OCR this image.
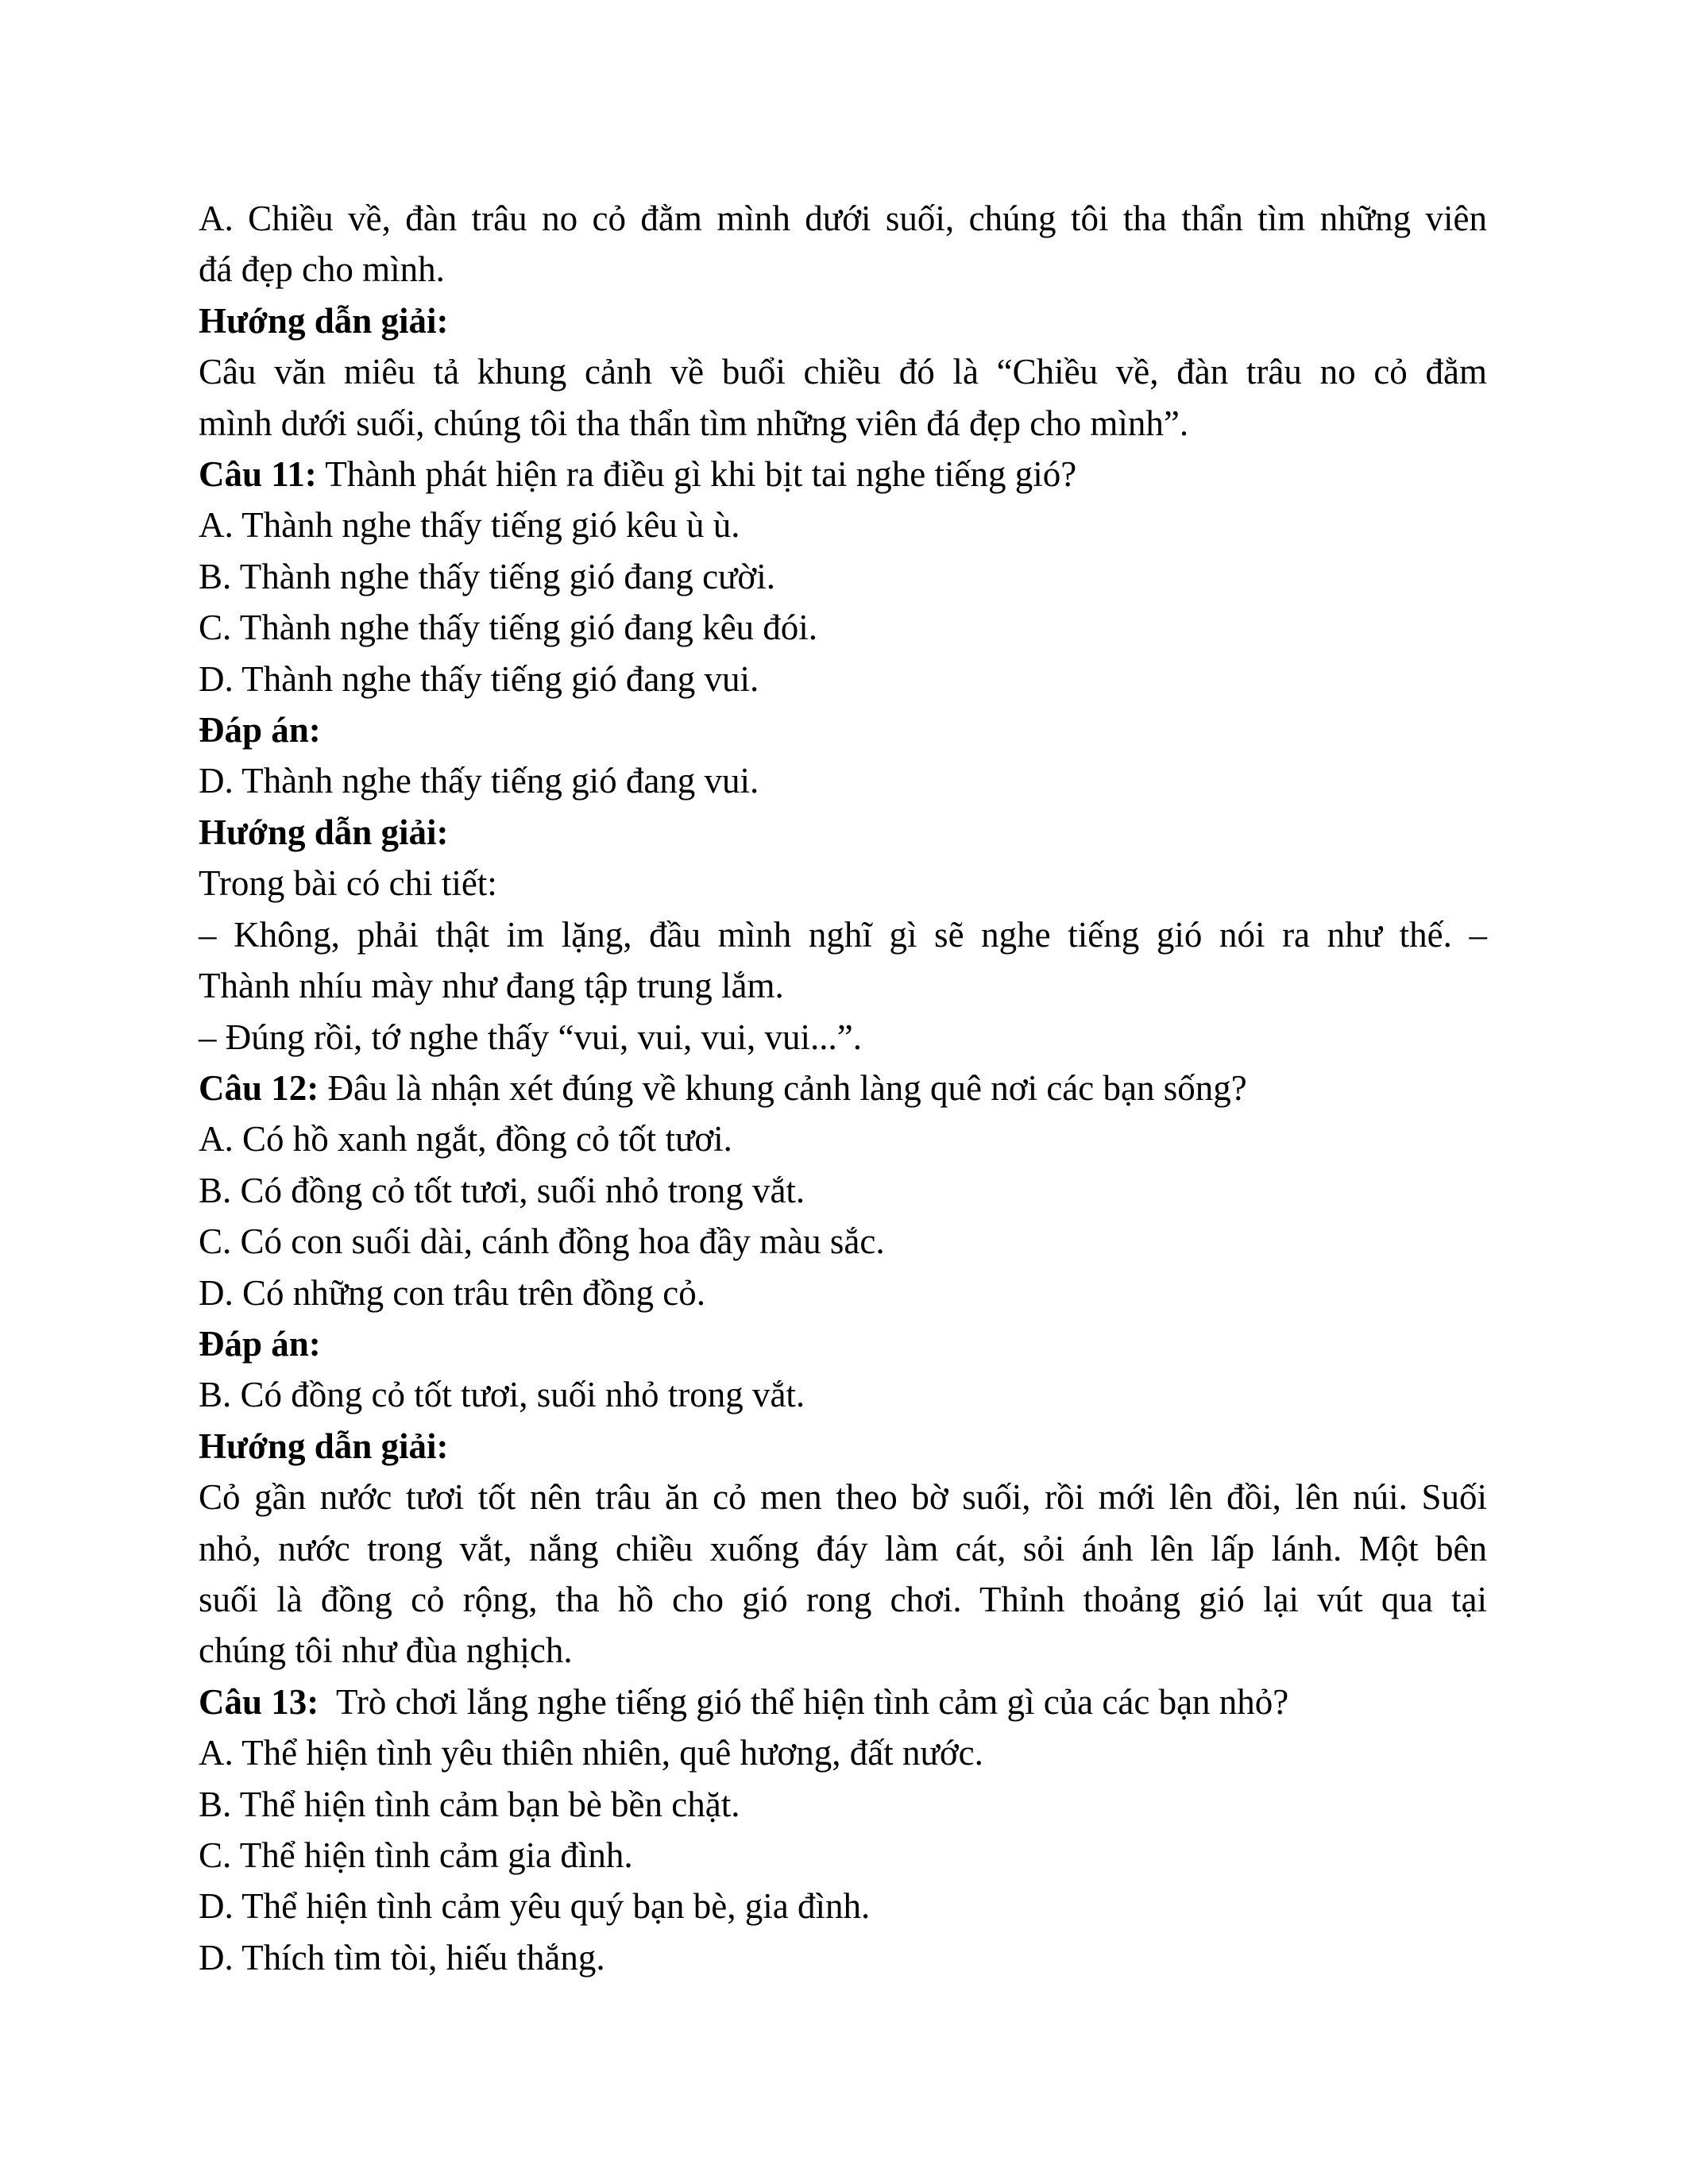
A. Chiều về, đàn trâu no cỏ đằm mình dưới suối, chúng tôi tha thẩn tìm những viên
đá đẹp cho mình.
Hướng dẫn giải:
Câu văn miêu tả khung cảnh về buổi chiều đó là “Chiều về, đàn trâu no cỏ đằm
mình dưới suối, chúng tôi tha thẩn tìm những viên đá đẹp cho mình”.
Câu 11: Thành phát hiện ra điều gì khi bịt tai nghe tiếng gió?
A. Thành nghe thấy tiếng gió kêu ù ù.
B. Thành nghe thấy tiếng gió đang cười.
C. Thành nghe thấy tiếng gió đang kêu đói.
D. Thành nghe thấy tiếng gió đang vui.
Đáp án:
D. Thành nghe thấy tiếng gió đang vui.
Hướng dẫn giải:
Trong bài có chi tiết:
– Không, phải thật im lặng, đầu mình nghĩ gì sẽ nghe tiếng gió nói ra như thế. –
Thành nhíu mày như đang tập trung lắm.
– Đúng rồi, tớ nghe thấy “vui, vui, vui, vui...”.
Câu 12: Đâu là nhận xét đúng về khung cảnh làng quê nơi các bạn sống?
A. Có hồ xanh ngắt, đồng cỏ tốt tươi.
B. Có đồng cỏ tốt tươi, suối nhỏ trong vắt.
C. Có con suối dài, cánh đồng hoa đầy màu sắc.
D. Có những con trâu trên đồng cỏ.
Đáp án:
B. Có đồng cỏ tốt tươi, suối nhỏ trong vắt.
Hướng dẫn giải:
Cỏ gần nước tươi tốt nên trâu ăn cỏ men theo bờ suối, rồi mới lên đồi, lên núi. Suối
nhỏ, nước trong vắt, nắng chiều xuống đáy làm cát, sỏi ánh lên lấp lánh. Một bên
suối là đồng cỏ rộng, tha hồ cho gió rong chơi. Thỉnh thoảng gió lại vút qua tại
chúng tôi như đùa nghịch.
Câu 13:  Trò chơi lắng nghe tiếng gió thể hiện tình cảm gì của các bạn nhỏ?
A. Thể hiện tình yêu thiên nhiên, quê hương, đất nước.
B. Thể hiện tình cảm bạn bè bền chặt.
C. Thể hiện tình cảm gia đình.
D. Thể hiện tình cảm yêu quý bạn bè, gia đình.
D. Thích tìm tòi, hiếu thắng.
